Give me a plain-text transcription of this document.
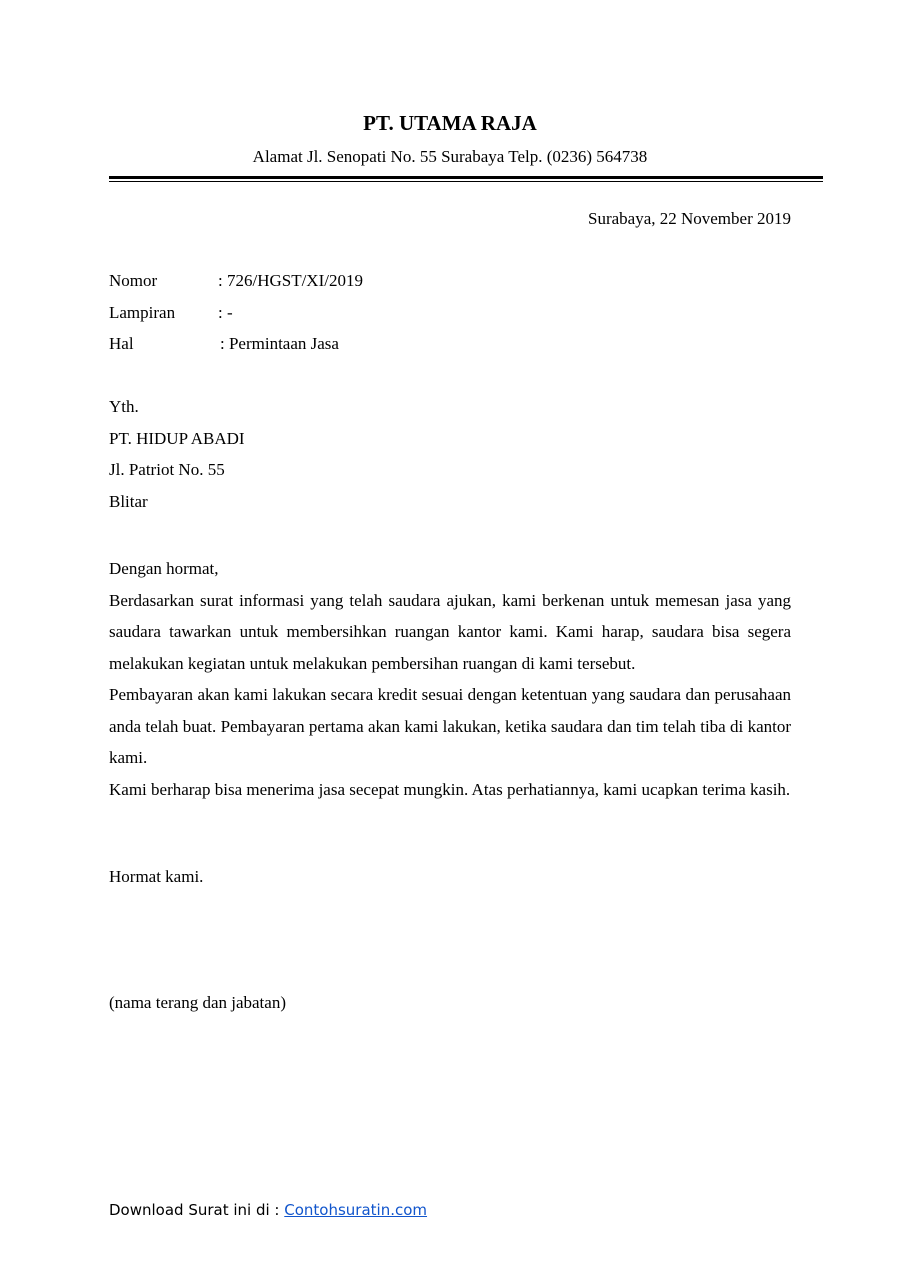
PT. UTAMA RAJA
Alamat Jl. Senopati No. 55 Surabaya Telp. (0236) 564738
Surabaya, 22 November 2019
Nomor	: 726/HGST/XI/2019
Lampiran	: -
Hal	: Permintaan Jasa
Yth.
PT. HIDUP ABADI
Jl. Patriot No. 55
Blitar

Dengan hormat,

Berdasarkan surat informasi yang telah saudara ajukan, kami berkenan untuk memesan jasa yang saudara tawarkan untuk membersihkan ruangan kantor kami. Kami harap, saudara bisa segera melakukan kegiatan untuk melakukan pembersihan ruangan di kami tersebut.

Pembayaran akan kami lakukan secara kredit sesuai dengan ketentuan yang saudara dan perusahaan anda telah buat. Pembayaran pertama akan kami lakukan, ketika saudara dan tim telah tiba di kantor kami.

Kami berharap bisa menerima jasa secepat mungkin. Atas perhatiannya, kami ucapkan terima kasih.

Hormat kami.
(nama terang dan jabatan)
Download Surat ini di : Contohsuratin.com
